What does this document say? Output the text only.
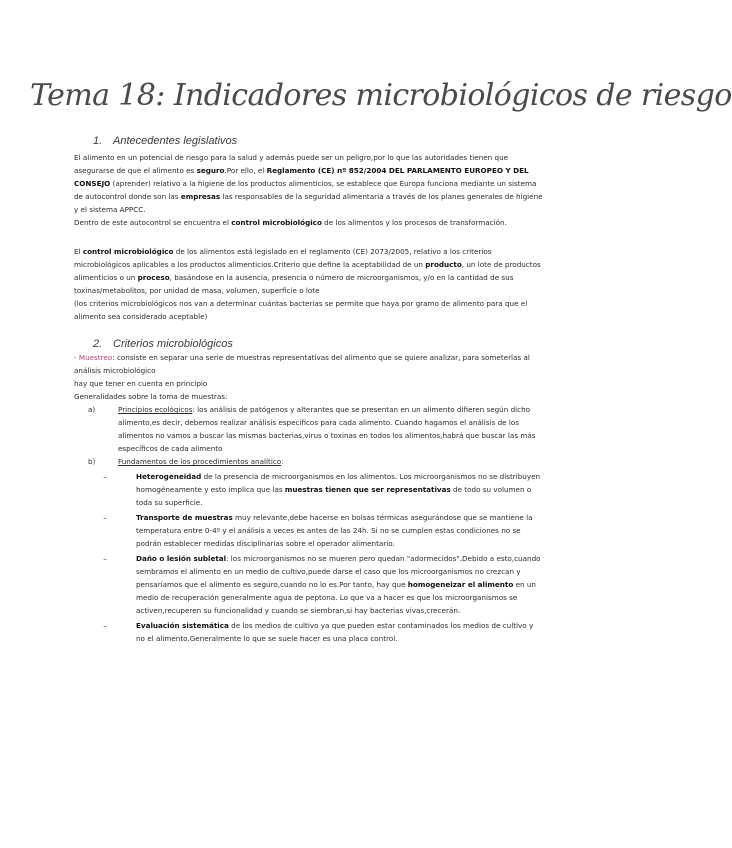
Tema 18: Indicadores microbiológicos de riesgo
1. Antecedentes legislativos

El alimento en un potencial de riesgo para la salud y además puede ser un peligro,por lo que las autoridades tienen que asegurarse de que el alimento es seguro.Por ello, el Reglamento (CE) nº 852/2004 DEL PARLAMENTO EUROPEO Y DEL CONSEJO (aprender) relativo a la higiene de los productos alimenticios, se establece que Europa funciona mediante un sistema de autocontrol donde son las empresas las responsables de la seguridad alimentaria a través de los planes generales de higiene y el sistema APPCC.

Dentro de este autocontrol se encuentra el control microbiológico de los alimentos y los procesos de transformación.

El control microbiológico de los alimentos está legislado en el reglamento (CE) 2073/2005, relativo a los criterios microbiológicos aplicables a los productos alimenticios.Criterio que define la aceptabilidad de un producto, un lote de productos alimenticios o un proceso, basándose en la ausencia, presencia o número de microorganismos, y/o en la cantidad de sus toxinas/metabolitos, por unidad de masa, volumen, superficie o lote

(los criterios microbiológicos nos van a determinar cuántas bacterias se permite que haya por gramo de alimento para que el alimento sea considerado aceptable)

2. Criterios microbiológicos

- Muestreo: consiste en separar una serie de muestras representativas del alimento que se quiere analizar, para someterlas al análisis microbiológico

hay que tener en cuenta en principio

Generalidades sobre la toma de muestras:

a)	Principios ecológicos: los análisis de patógenos y alterantes que se presentan en un alimento difieren según dicho alimento,es decir, debemos realizar análisis específicos para cada alimento. Cuando hagamos el análisis de los alimentos no vamos a buscar las mismas bacterias,virus o toxinas en todos los alimentos,habrá que buscar las más específicos de cada alimento
b)	Fundamentos de los procedimientos analítico:
–	Heterogeneidad de la presencia de microorganismos en los alimentos. Los microorganismos no se distribuyen homogéneamente y esto implica que las muestras tienen que ser representativas de todo su volumen o toda su superficie.
–	Transporte de muestras muy relevante,debe hacerse en bolsas térmicas asegurándose que se mantiene la temperatura entre 0-4º y el análisis a veces es antes de las 24h. Si no se cumplen estas condiciones no se podrán establecer medidas disciplinarias sobre el operador alimentario.
–	Daño o lesión subletal: los microorganismos no se mueren pero quedan "adormecidos".Debido a esto,cuando sembramos el alimento en un medio de cultivo,puede darse el caso que los microorganismos no crezcan y pensaríamos que el alimento es seguro,cuando no lo es.Por tanto, hay que homogeneizar el alimento en un medio de recuperación generalmente agua de peptona. Lo que va a hacer es que los microorganismos se activen,recuperen su funcionalidad y cuando se siembran,si hay bacterias vivas,crecerán.
–	Evaluación sistemática de los medios de cultivo ya que pueden estar contaminados los medios de cultivo y no el alimento.Generalmente lo que se suele hacer es una placa control.
